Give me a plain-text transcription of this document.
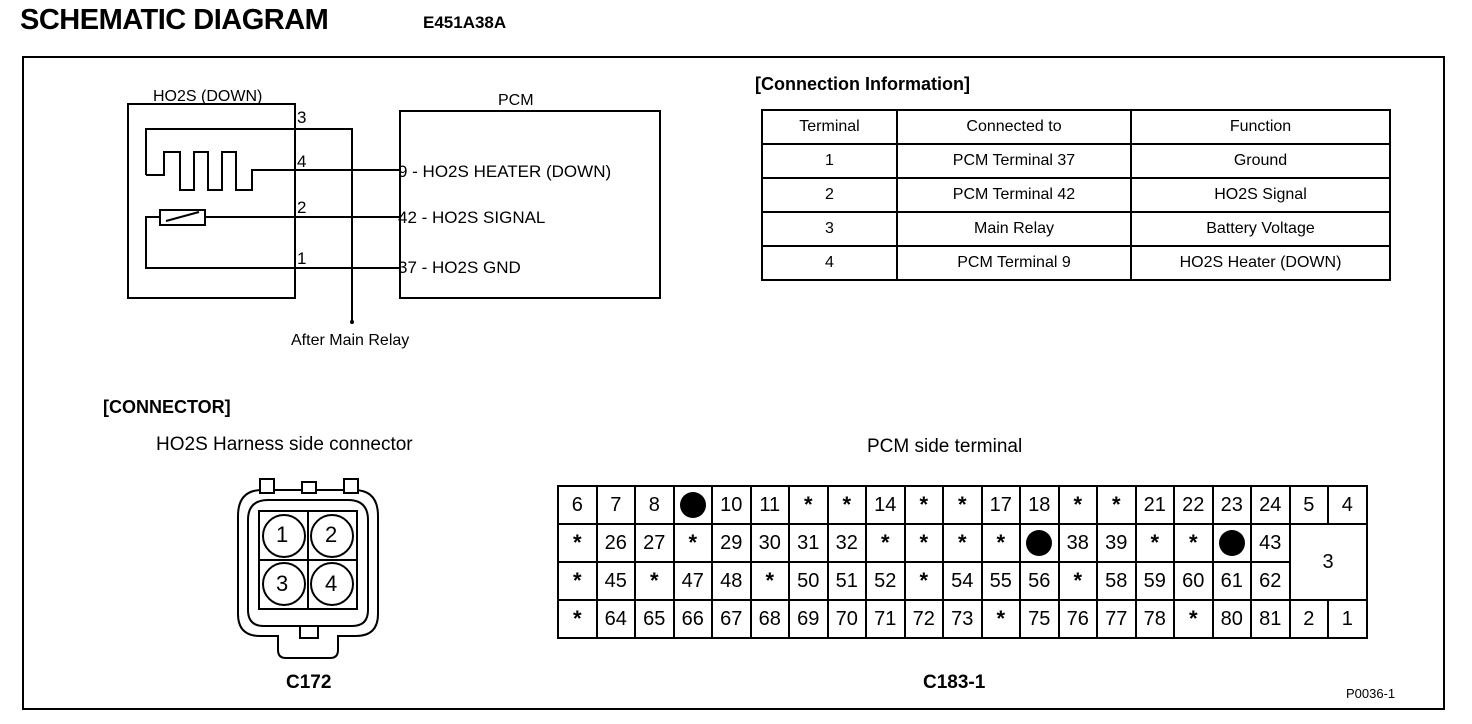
SCHEMATIC DIAGRAM	E451A38A
HO2S (DOWN)	PCM
3
4
2
1
9 - HO2S HEATER (DOWN)
42 - HO2S SIGNAL
37 - HO2S GND
After Main Relay
[Connection Information]
Terminal	Connected to	Function
1	PCM Terminal 37	Ground
2	PCM Terminal 42	HO2S Signal
3	Main Relay	Battery Voltage
4	PCM Terminal 9	HO2S Heater (DOWN)
[CONNECTOR]
HO2S Harness side connector	PCM side terminal
1 2
3 4
C172
6	7	8		10	11	*	*	14	*	*	17	18	*	*	21	22	23	24	5	4
*	26	27	*	29	30	31	32	*	*	*	*		38	39	*	*		43	3	
*	45	*	47	48	*	50	51	52	*	54	55	56	*	58	59	60	61	62		
*	64	65	66	67	68	69	70	71	72	73	*	75	76	77	78	*	80	81	2	1
C183-1
P0036-1
